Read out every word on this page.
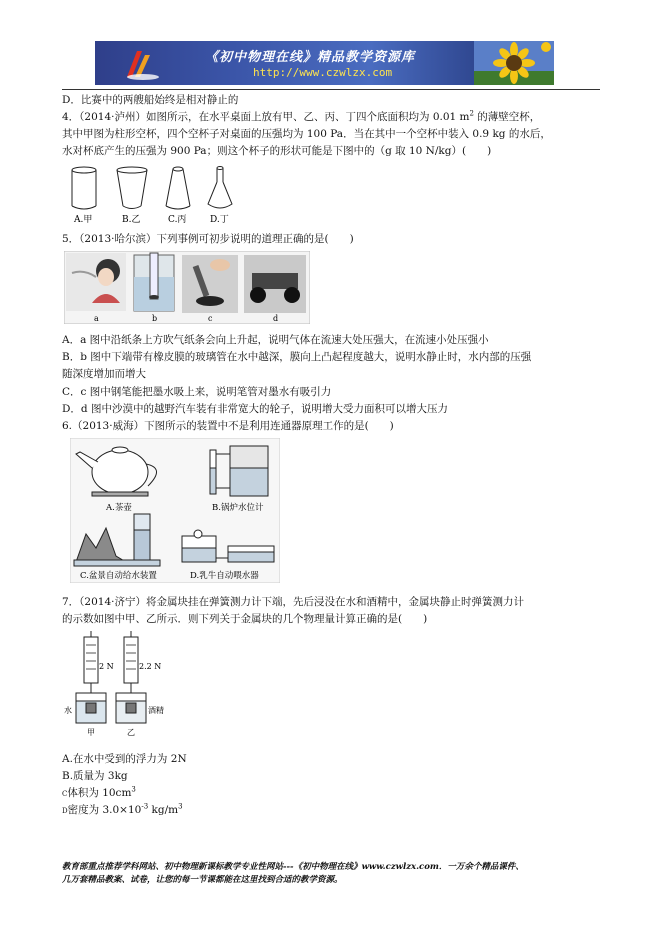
《初中物理在线》精品教学资源库
http://www.czwlzx.com
D．比赛中的两艘船始终是相对静止的
4．（2014·泸州）如图所示，在水平桌面上放有甲、乙、丙、丁四个底面积均为 0.01 $m^2$ 的薄壁空杯，
其中甲图为柱形空杯，四个空杯子对桌面的压强均为 100 Pa．当在其中一个空杯中装入 0.9 kg 的水后，
水对杯底产生的压强为 900 Pa；则这个杯子的形状可能是下图中的（g 取 10 N/kg）(　　)
A.甲	B.乙	C.丙	D.丁
5．（2013·哈尔滨）下列事例可初步说明的道理正确的是(　　)
a	b	c	d
A．a 图中沿纸条上方吹气纸条会向上升起，说明气体在流速大处压强大，在流速小处压强小
B．b 图中下端带有橡皮膜的玻璃管在水中越深，膜向上凸起程度越大，说明水静止时，水内部的压强
随深度增加而增大
C．c 图中钢笔能把墨水吸上来，说明笔管对墨水有吸引力
D．d 图中沙漠中的越野汽车装有非常宽大的轮子，说明增大受力面积可以增大压力
6.（2013·威海）下图所示的装置中不是利用连通器原理工作的是(　　)
A.茶壶	B.锅炉水位计
C.盆景自动给水装置	D.乳牛自动喂水器
7．（2014·济宁）将金属块挂在弹簧测力计下端，先后浸没在水和酒精中，金属块静止时弹簧测力计
的示数如图中甲、乙所示．则下列关于金属块的几个物理量计算正确的是(　　)
2 N	2.2 N
水	酒精
甲	乙
A.在水中受到的浮力为 2N
B.质量为 3kg
C体积为 $10cm^3$
D密度为 $3.0\times 10^{-3}$ $kg/m^3$
教育部重点推荐学科网站、初中物理新课标教学专业性网站---《初中物理在线》www.czwlzx.com．一万余个精品课件、
几万套精品教案、试卷，让您的每一节课都能在这里找到合适的教学资源。
